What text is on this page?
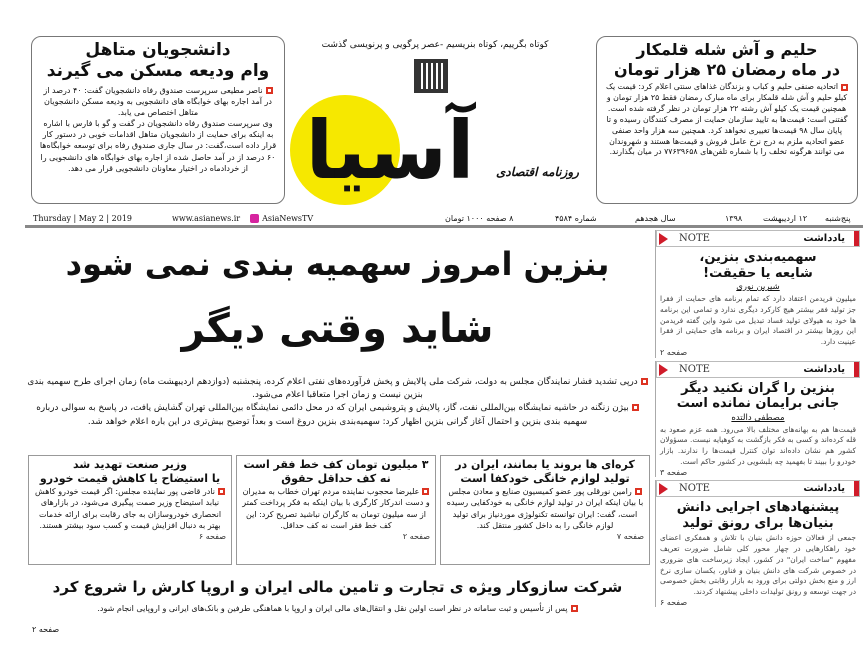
دانشجویان متاهل
وام ودیعه مسکن می گیرند
ناصر مطیعی سرپرست صندوق رفاه دانشجویان گفت: ۴۰ درصد از در آمد اجاره بهای خوابگاه های دانشجویی به ودیعه مسکن دانشجویان متاهل اختصاص می یابد.
وی سرپرست صندوق رفاه دانشجویان در گفت و گو با فارس با اشاره به اینکه برای حمایت از دانشجویان متاهل اقدامات خوبی در دستور کار قرار داده است،گفت: در سال جاری صندوق رفاه برای توسعه خوابگاه‌ها ۶۰ درصد از در آمد حاصل شده از اجاره بهای خوابگاه های دانشجویی را از خردادماه در اختیار معاونان دانشجویی قرار می دهد.
کوتاه بگرییم، کوتاه بنریسیم -عصر پرگویی و پرنویسی گذشت
آسیا	روزنامه اقتصادی
حلیم و آش شله قلمکار
در ماه رمضان ۲۵ هزار تومان
اتحادیه صنفی حلیم و کباب و بزندگان غذاهای سنتی اعلام کرد: قیمت یک کیلو حلیم و آش شله قلمکار برای ماه مبارک رمضان فقط ۲۵ هزار تومان و همچنین قیمت یک کیلو آش رشته ۲۲ هزار تومان در نظر گرفته شده است. گفتنی است: قیمت‌ها به تایید سازمان حمایت از مصرف کنندگان رسیده و تا پایان سال ۹۸ قیمت‌ها تغییری نخواهد کرد. همچنین سه هزار واحد صنفی عضو اتحادیه ملزم به درج نرخ عامل فروش و قیمت‌ها هستند و شهروندان می توانند هرگونه تخلف را با شماره تلفن‌های ۷۷۶۳۹۶۵۸ در میان بگذارند.
Thursday | May 2 | 2019	www.asianews.ir	AsiaNewsTV	۸ صفحه ۱۰۰۰ تومان	شماره ۴۵۸۴	سال هجدهم	۱۳۹۸	۱۲ اردیبهشت پنج‌شنبه
بنزین امروز سهمیه بندی نمی شود
شاید وقتی دیگر
درپی تشدید فشار نمایندگان مجلس به دولت، شرکت ملی پالایش و پخش فرآورده‌های نفتی اعلام کرده، پنجشنبه (دوازدهم اردیبهشت ماه) زمان اجرای طرح سهمیه بندی بنزین نیست و زمان اجرا متعاقبا اعلام می‌شود.
بیژن زنگنه در حاشیه نمایشگاه بین‌المللی نفت، گاز، پالایش و پتروشیمی ایران که در محل دائمی نمایشگاه بین‌المللی تهران گشایش یافت، در پاسخ به سوالی درباره سهمیه بندی بنزین و احتمال آغاز گرانی بنزین اظهار کرد: سهمیه‌بندی بنزین دروغ است و بعداً توضیح بیش‌تری در این باره اعلام خواهد شد.
کره‌ای ها بروند یا بمانند، ایران در
تولید لوازم خانگی خودکفا است
رامین نورقلی پور عضو کمیسیون صنایع و معادن مجلس با بیان اینکه ایران در تولید لوازم خانگی به خودکفایی رسیده است، گفت: ایران توانسته تکنولوژی موردنیاز برای تولید لوازم خانگی را به داخل کشور منتقل کند.
صفحه ۷
۳ میلیون تومان کف خط فقر است
نه کف حداقل حقوق
علیرضا محجوب نماینده مردم تهران خطاب به مدیران و دست اندرکار کارگری با بیان اینکه به فکر پرداخت کمتر از سه میلیون تومان به کارگران نباشید تصریح کرد: این کف خط فقر است نه کف حداقل.
صفحه ۲
وزیر صنعت تهدید شد
یا استیضاح یا کاهش قیمت خودرو
نادر قاضی پور نماینده مجلس: اگر قیمت خودرو کاهش نیابد استیضاح وزیر صمت پیگیری می‌شود، در بازارهای انحصاری خودروسازان به جای رقابت برای ارائه خدمات بهتر به دنبال افزایش قیمت و کسب سود بیشتر هستند.
صفحه ۶
شرکت سازوکار ویژه ی تجارت و تامین مالی ایران و اروپا کارش را شروع کرد
پس از تأسیس و ثبت سامانه در نظر است اولین نقل و انتقال‌های مالی ایران و اروپا با هماهنگی طرفین و بانک‌های ایرانی و اروپایی انجام شود.
صفحه ۲
NOTE	یادداشت
سهمیه‌بندی بنزین، شایعه یا حقیقت!
شیرین نوری
میلیون فریدمن اعتقاد دارد که تمام برنامه های حمایت از فقرا جز تولید فقر بیشتر هیچ کارکرد دیگری ندارد و تمامی این برنامه ها خود به هیولای تولید فساد تبدیل می شود واین گفته فریدمن این روزها بیشتر در اقتصاد ایران و برنامه های حمایتی از فقرا عینیت دارد.
صفحه ۲
NOTE	یادداشت
بنزین را گران نکنید دیگر جانی برایمان نمانده است
مصطفی دالتده
قیمت‌ها هم به بهانه‌های مختلف بالا می‌رود. همه عزم صعود به قله کرده‌اند و کسی به فکر بازگشت به کوهپایه نیست. مسؤولان کشور هم نشان داده‌اند توان کنترل قیمت‌ها را ندارند. بازار خودرو را ببیند تا بفهمید چه بلبشویی در کشور حاکم است.
صفحه ۳
NOTE	یادداشت
پیشنهادهای اجرایی دانش بنیان‌ها برای رونق تولید
جمعی از فعالان حوزه دانش بنیان با تلاش و همفکری اعضای خود راهکارهایی در چهار محور کلی شامل ضرورت تعریف مفهوم "ساخت ایران" در کشور، ایجاد زیرساخت های ضروری در خصوص شرکت های دانش بنیان و فناور، یکسان سازی نرخ ارز و منع بخش دولتی برای ورود به بازار رقابتی بخش خصوصی در جهت توسعه و رونق تولیدات داخلی پیشنهاد کردند.
صفحه ۶
